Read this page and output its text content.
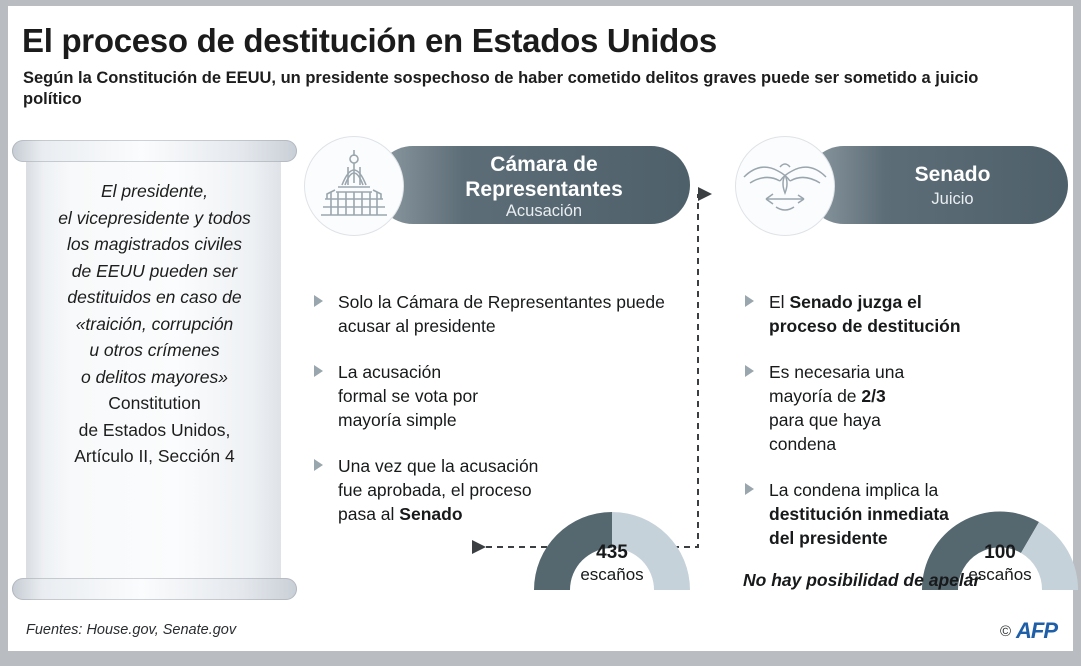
El proceso de destitución en Estados Unidos
Según la Constitución de EEUU, un presidente sospechoso de haber cometido delitos graves puede ser sometido a juicio político
El presidente,
el vicepresidente y todos
los magistrados civiles
de EEUU pueden ser
destituidos en caso de
«traición, corrupción
u otros crímenes
o delitos mayores»
Constitution
de Estados Unidos,
Artículo II, Sección 4
Cámara de Representantes
Acusación
Solo la Cámara de Representantes puede acusar al presidente
La acusación
formal se vota por
mayoría simple
Una vez que la acusación
fue aprobada, el proceso
pasa al Senado
435
escaños
Senado
Juicio
El Senado juzga el
proceso de destitución
Es necesaria una
mayoría de 2/3
para que haya
condena
La condena implica la
destitución inmediata
del presidente
100
escaños
No hay posibilidad de apelar
Fuentes: House.gov, Senate.gov	© AFP
